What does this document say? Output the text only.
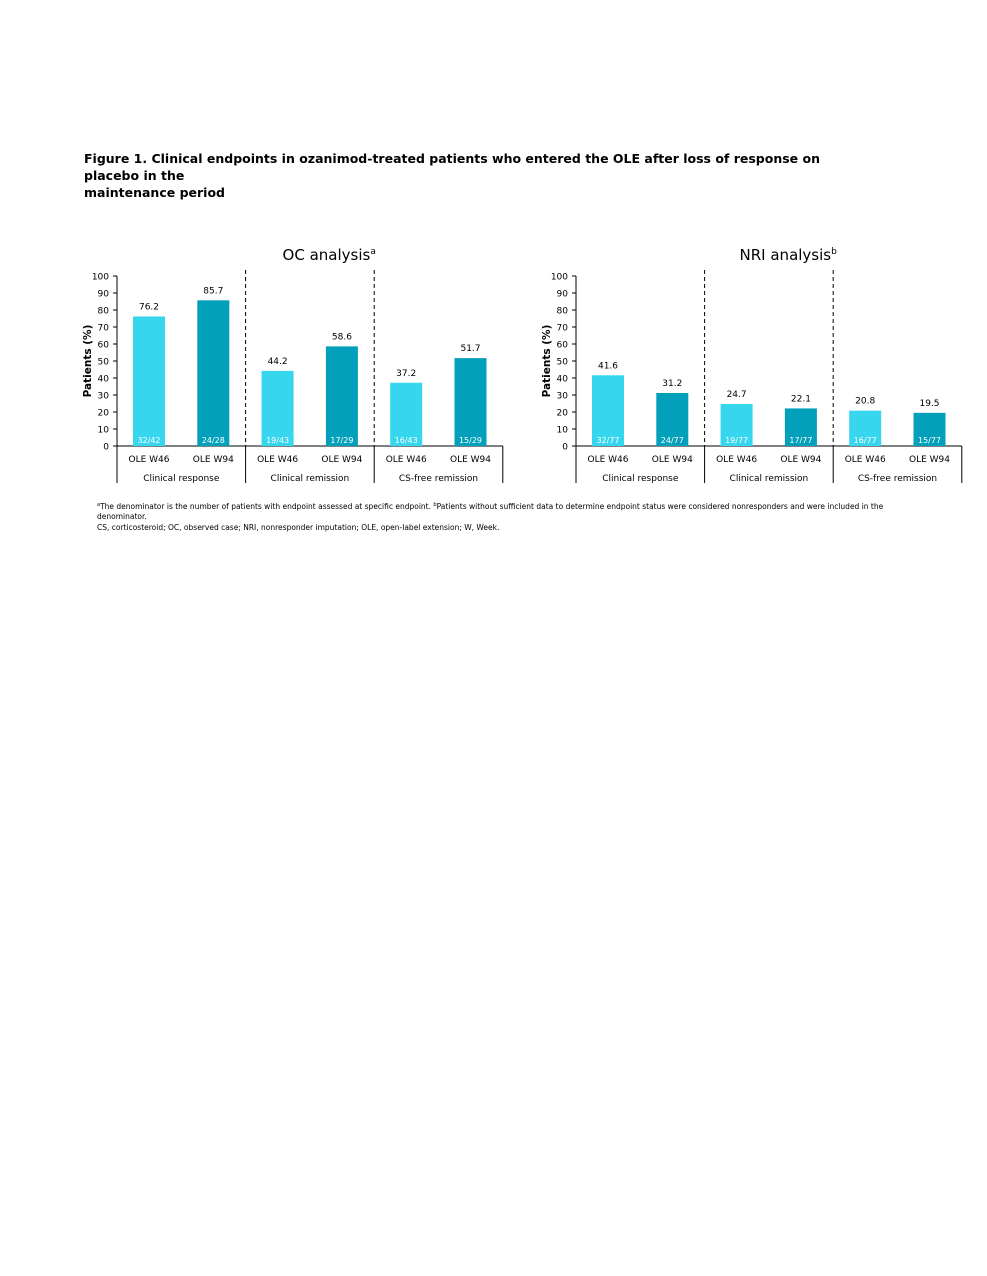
Figure 1. Clinical endpoints in ozanimod-treated patients who entered the OLE after loss of response on placebo in the
maintenance period
OC analysis$^a$
0
10
20
30
40
50
60
70
80
90
100
Patients (%)
76.2
32/42
OLE W46
85.7
24/28
OLE W94
44.2
19/43
OLE W46
58.6
17/29
OLE W94
37.2
16/43
OLE W46
51.7
15/29
OLE W94
Clinical response	Clinical remission	CS-free remission
NRI analysis$^b$
0
10
20
30
40
50
60
70
80
90
100
Patients (%)	41.6
32/77
OLE W46
31.2
24/77
OLE W94
24.7
19/77
OLE W46
22.1
17/77
OLE W94
20.8
16/77
OLE W46
19.5
15/77
OLE W94
Clinical response	Clinical remission	CS-free remission
$^a$The denominator is the number of patients with endpoint assessed at specific endpoint. $^b$Patients without sufficient data to determine endpoint status were considered nonresponders and were included in the denominator.
CS, corticosteroid; OC, observed case; NRI, nonresponder imputation; OLE, open-label extension; W, Week.
